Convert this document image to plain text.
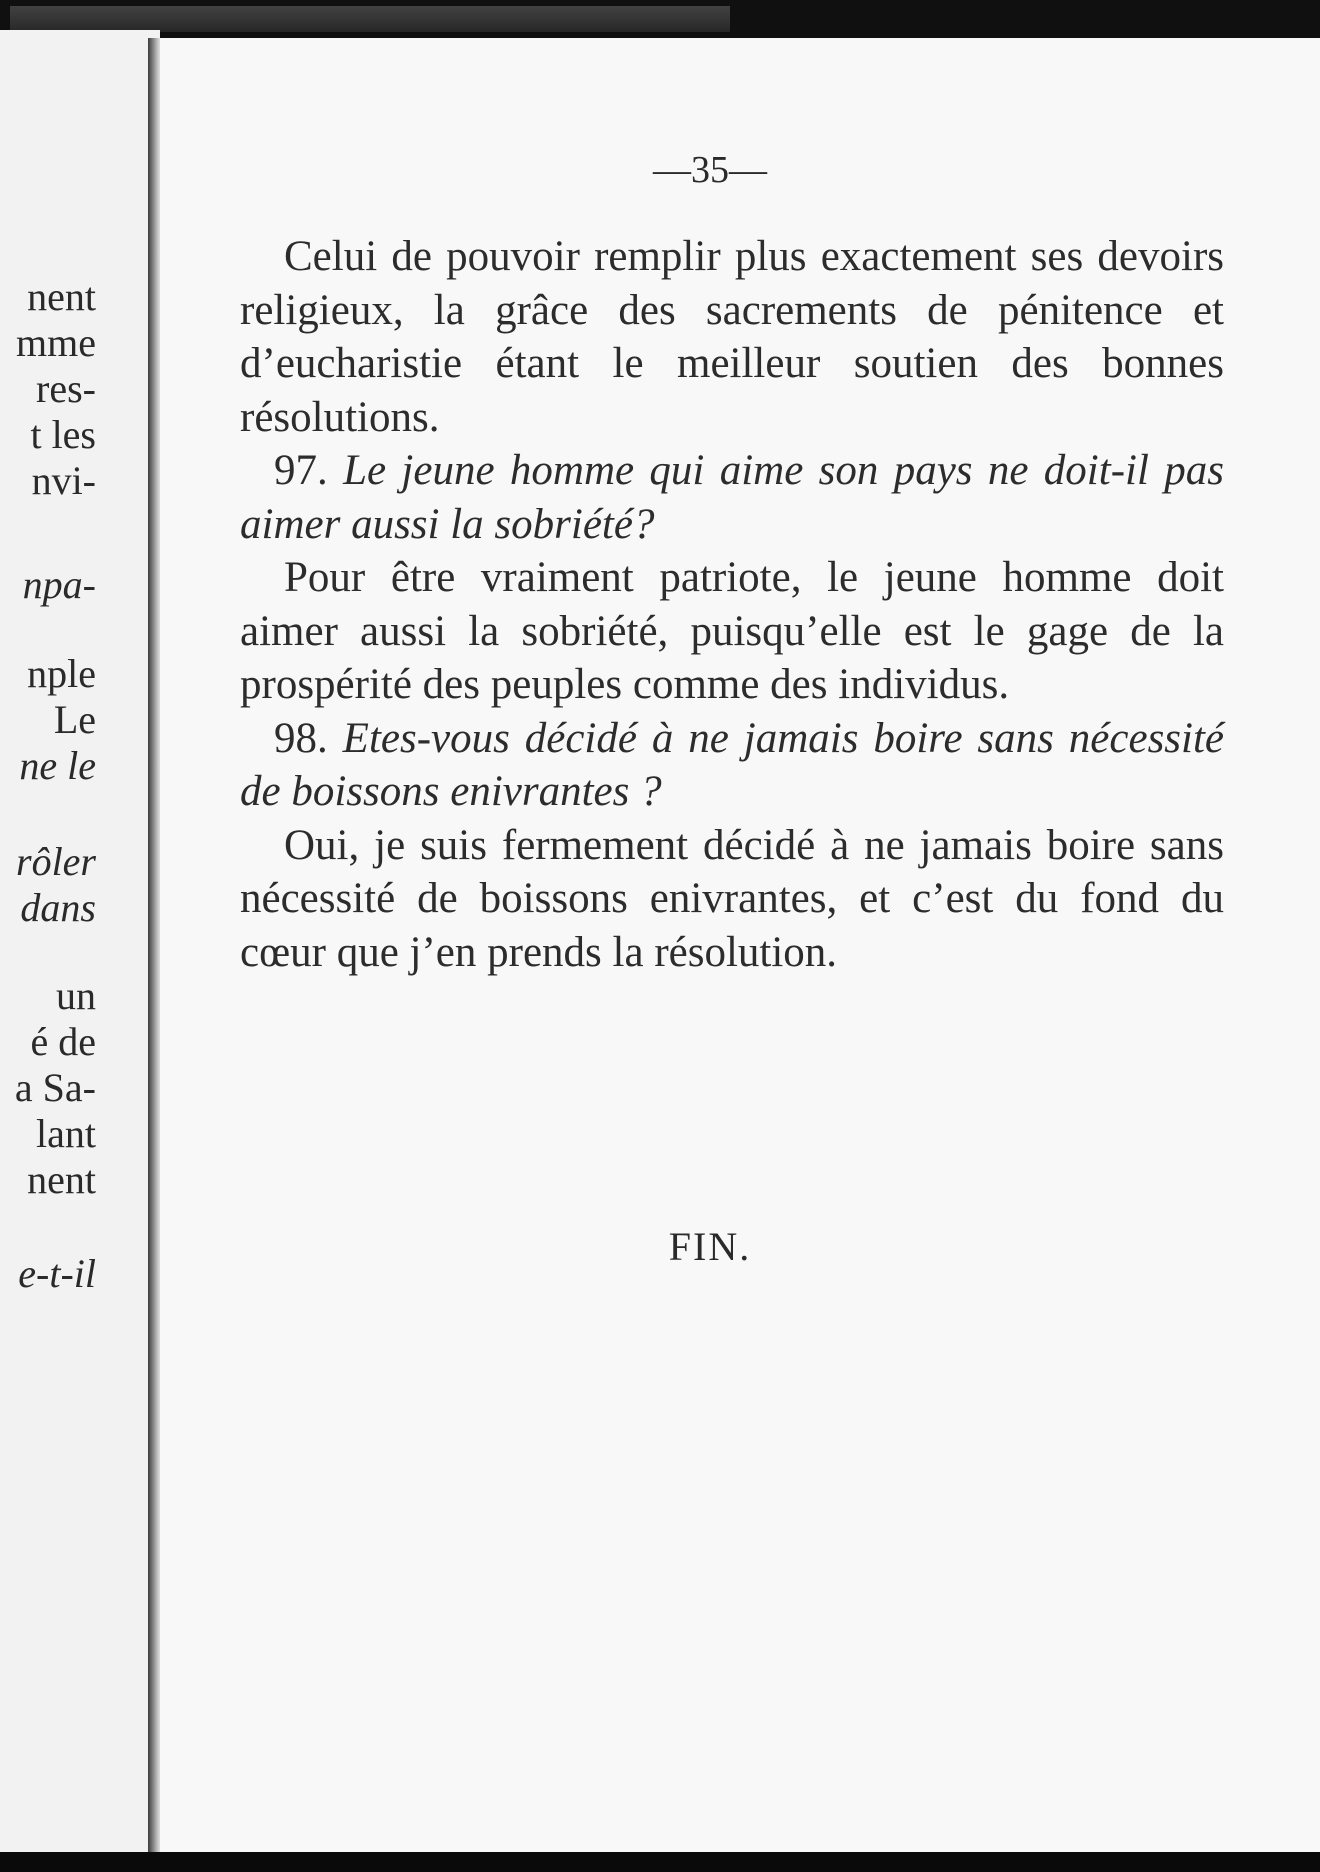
nent
mme
res-
t les
nvi-
npa-
nple
Le
ne le
rôler
dans
un
é de
a Sa-
lant
nent
e-t-il
—35—

Celui de pouvoir remplir plus exactement ses devoirs religieux, la grâce des sacrements de pénitence et d’eucharistie étant le meilleur soutien des bonnes résolutions.

97. Le jeune homme qui aime son pays ne doit-il pas aimer aussi la sobriété?

Pour être vraiment patriote, le jeune homme doit aimer aussi la sobriété, puisqu’elle est le gage de la prospérité des peuples comme des individus.

98. Etes-vous décidé à ne jamais boire sans nécessité de boissons enivrantes ?

Oui, je suis fermement décidé à ne jamais boire sans nécessité de boissons enivrantes, et c’est du fond du cœur que j’en prends la résolution.

FIN.
